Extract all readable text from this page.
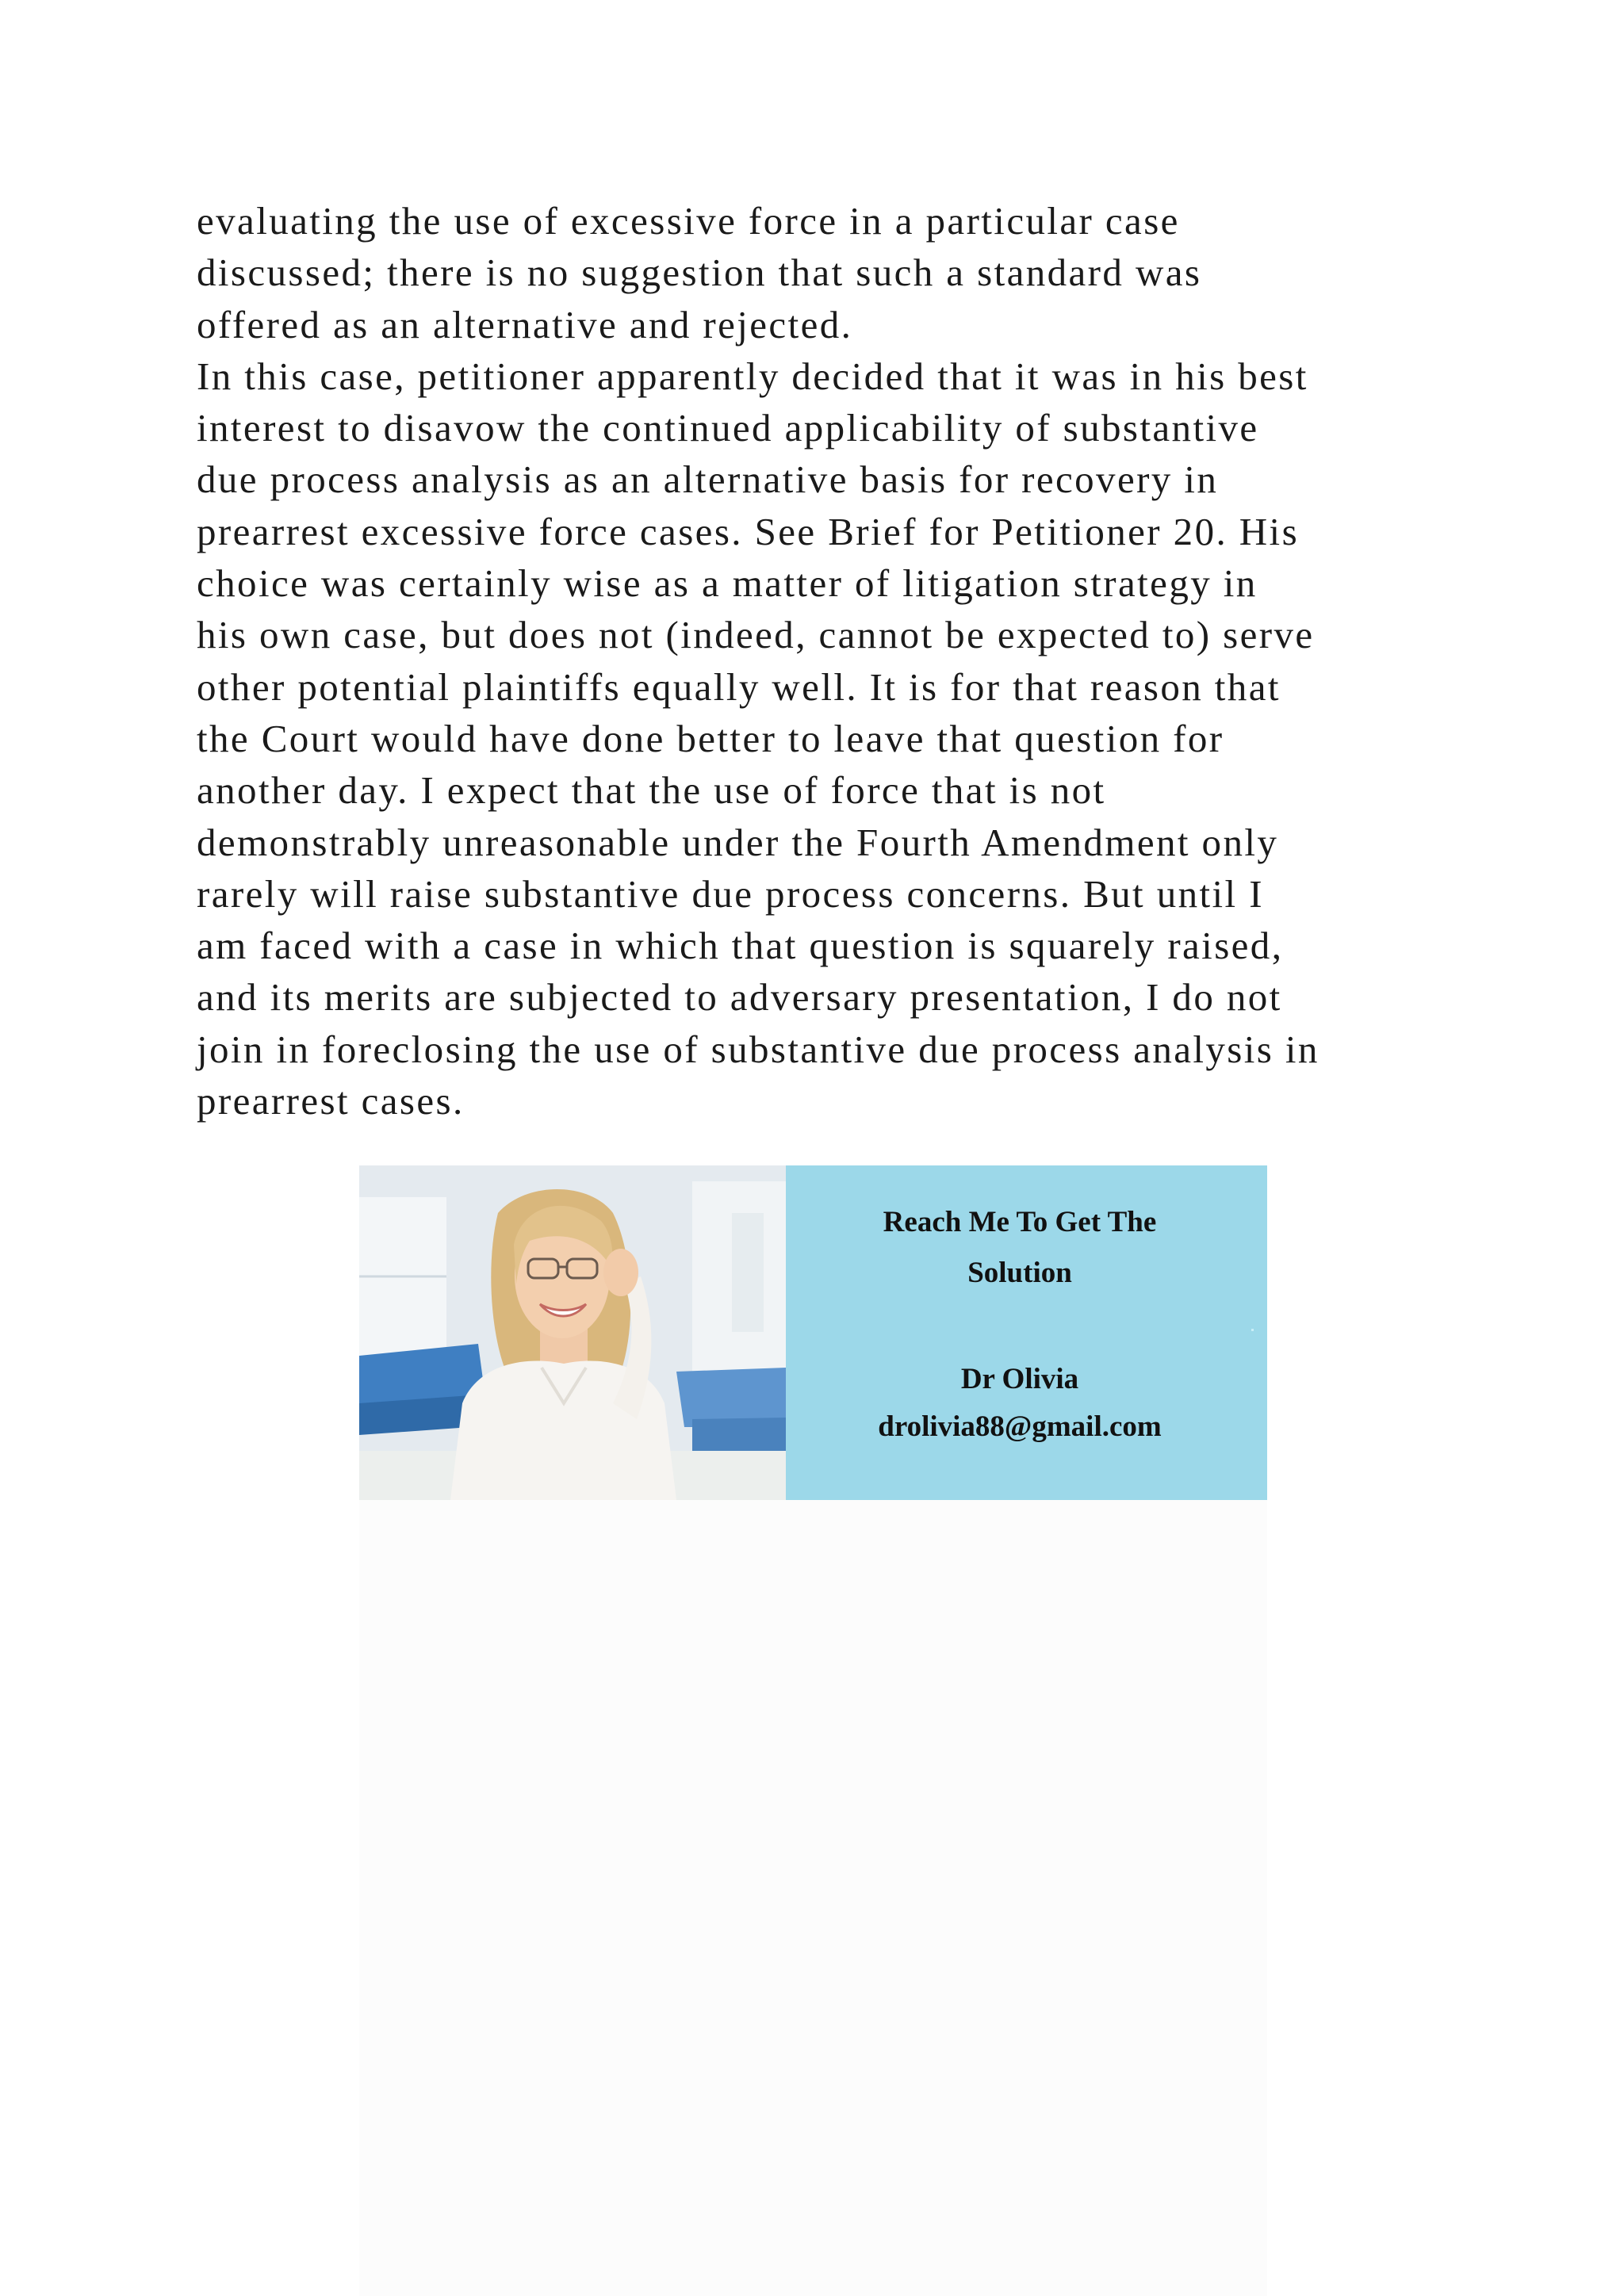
evaluating the use of excessive force in a particular case
discussed; there is no suggestion that such a standard was
offered as an alternative and rejected.
In this case, petitioner apparently decided that it was in his best
interest to disavow the continued applicability of substantive
due process analysis as an alternative basis for recovery in
prearrest excessive force cases. See Brief for Petitioner 20. His
choice was certainly wise as a matter of litigation strategy in
his own case, but does not (indeed, cannot be expected to) serve
other potential plaintiffs equally well. It is for that reason that
the Court would have done better to leave that question for
another day. I expect that the use of force that is not
demonstrably unreasonable under the Fourth Amendment only
rarely will raise substantive due process concerns. But until I
am faced with a case in which that question is squarely raised,
and its merits are subjected to adversary presentation, I do not
join in foreclosing the use of substantive due process analysis in
prearrest cases.
Reach Me To Get The
Solution
Dr Olivia
drolivia88@gmail.com
